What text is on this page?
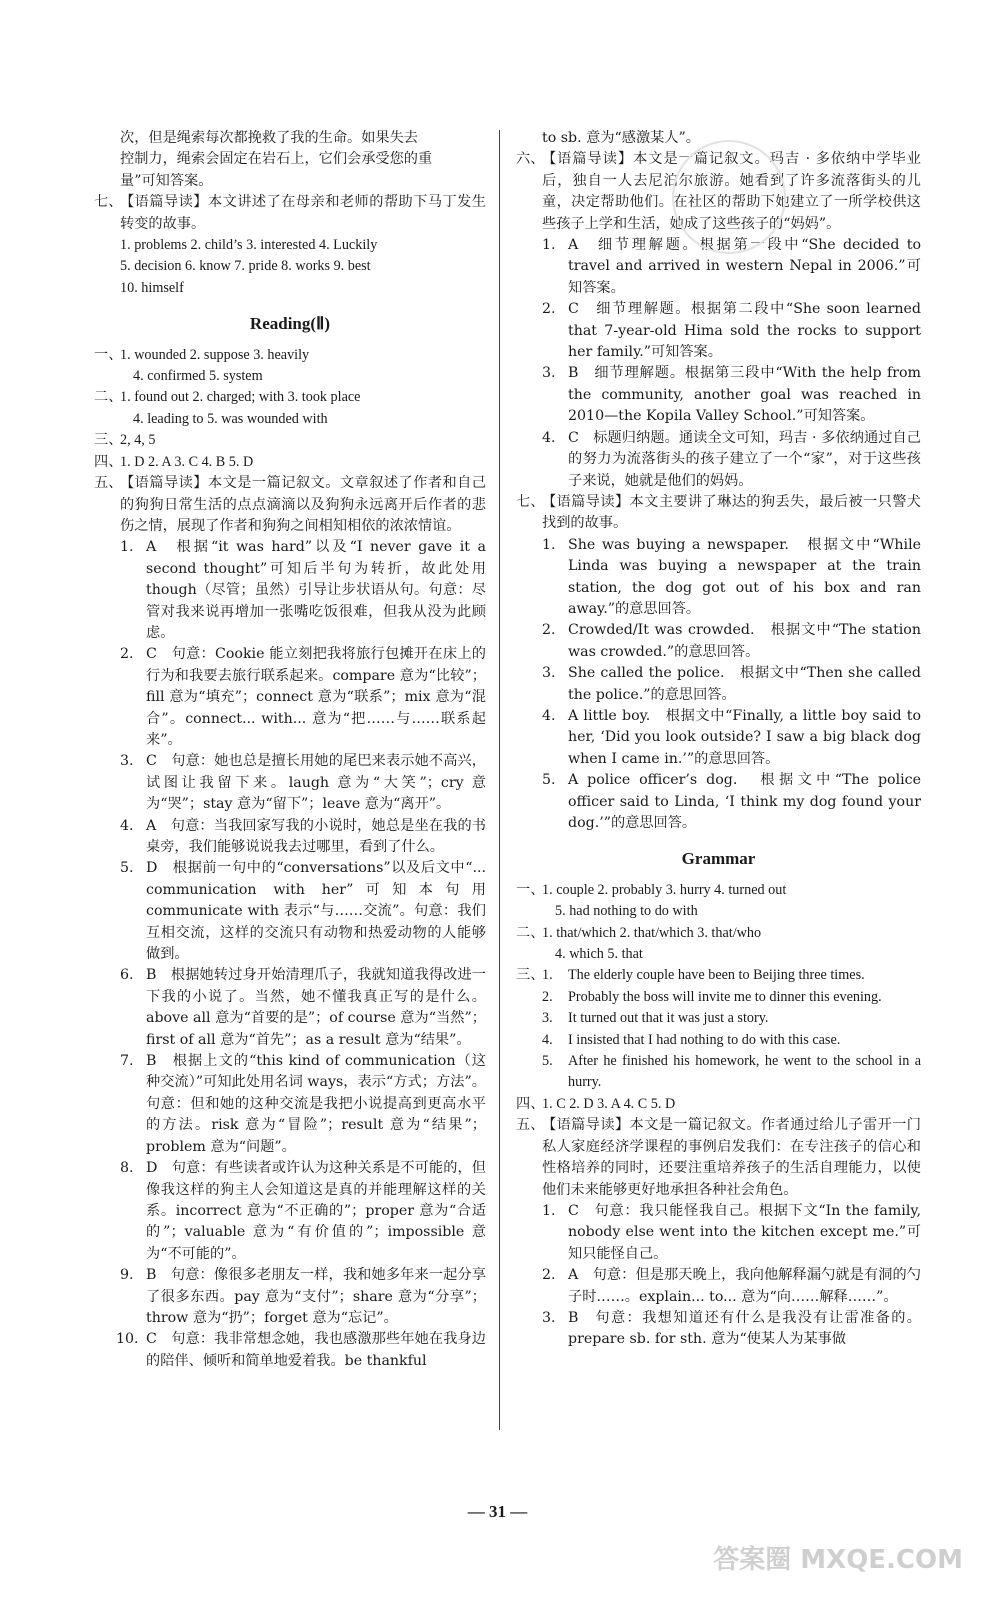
次，但是绳索每次都挽救了我的生命。如果失去
控制力，绳索会固定在岩石上，它们会承受您的重
量”可知答案。
七、
【语篇导读】本文讲述了在母亲和老师的帮助下马丁发生转变的故事。
1. problems 2. child’s 3. interested 4. Luckily
5. decision 6. know 7. pride 8. works 9. best
10. himself
Reading(Ⅱ)
一、
1. wounded 2. suppose 3. heavily
4. confirmed 5. system
二、
1. found out 2. charged; with 3. took place
4. leading to 5. was wounded with
三、
2, 4, 5
四、
1. D 2. A 3. C 4. B 5. D
五、
【语篇导读】本文是一篇记叙文。文章叙述了作者和自己的狗狗日常生活的点点滴滴以及狗狗永远离开后作者的悲伤之情，展现了作者和狗狗之间相知相依的浓浓情谊。
1. A　根据“it was hard”以及“I never gave it a second thought”可知后半句为转折，故此处用 though（尽管；虽然）引导让步状语从句。句意：尽管对我来说再增加一张嘴吃饭很难，但我从没为此顾虑。
2. C　句意：Cookie 能立刻把我将旅行包摊开在床上的行为和我要去旅行联系起来。compare 意为“比较”；fill 意为“填充”；connect 意为“联系”；mix 意为“混合”。connect... with... 意为“把……与……联系起来”。
3. C　句意：她也总是擅长用她的尾巴来表示她不高兴，试图让我留下来。laugh 意为“大笑”；cry 意为“哭”；stay 意为“留下”；leave 意为“离开”。
4. A　句意：当我回家写我的小说时，她总是坐在我的书桌旁，我们能够说说我去过哪里，看到了什么。
5. D　根据前一句中的“conversations”以及后文中“... communication with her”可知本句用 communicate with 表示“与……交流”。句意：我们互相交流，这样的交流只有动物和热爱动物的人能够做到。
6. B　根据她转过身开始清理爪子，我就知道我得改进一下我的小说了。当然，她不懂我真正写的是什么。above all 意为“首要的是”；of course 意为“当然”；first of all 意为“首先”；as a result 意为“结果”。
7. B　根据上文的“this kind of communication（这种交流）”可知此处用名词 ways，表示“方式；方法”。句意：但和她的这种交流是我把小说提高到更高水平的方法。risk 意为“冒险”；result 意为“结果”；problem 意为“问题”。
8. D　句意：有些读者或许认为这种关系是不可能的，但像我这样的狗主人会知道这是真的并能理解这样的关系。incorrect 意为“不正确的”；proper 意为“合适的”；valuable 意为“有价值的”；impossible 意为“不可能的”。
9. B　句意：像很多老朋友一样，我和她多年来一起分享了很多东西。pay 意为“支付”；share 意为“分享”；throw 意为“扔”；forget 意为“忘记”。
10. C　句意：我非常想念她，我也感激那些年她在我身边的陪伴、倾听和简单地爱着我。be thankful
to sb. 意为“感激某人”。
六、
【语篇导读】本文是一篇记叙文。玛吉 · 多依纳中学毕业后，独自一人去尼泊尔旅游。她看到了许多流落街头的儿童，决定帮助他们。在社区的帮助下她建立了一所学校供这些孩子上学和生活，她成了这些孩子的“妈妈”。
1. A　细节理解题。根据第一段中“She decided to travel and arrived in western Nepal in 2006.”可知答案。
2. C　细节理解题。根据第二段中“She soon learned that 7-year-old Hima sold the rocks to support her family.”可知答案。
3. B　细节理解题。根据第三段中“With the help from the community, another goal was reached in 2010—the Kopila Valley School.”可知答案。
4. C　标题归纳题。通读全文可知，玛吉 · 多依纳通过自己的努力为流落街头的孩子建立了一个“家”，对于这些孩子来说，她就是他们的妈妈。
七、
【语篇导读】本文主要讲了琳达的狗丢失，最后被一只警犬找到的故事。
1. She was buying a newspaper.　根据文中“While Linda was buying a newspaper at the train station, the dog got out of his box and ran away.”的意思回答。
2. Crowded/It was crowded.　根据文中“The station was crowded.”的意思回答。
3. She called the police.　根据文中“Then she called the police.”的意思回答。
4. A little boy.　根据文中“Finally, a little boy said to her, ‘Did you look outside? I saw a big black dog when I came in.’”的意思回答。
5. A police officer’s dog.　根据文中“The police officer said to Linda, ‘I think my dog found your dog.’”的意思回答。
Grammar
一、
1. couple 2. probably 3. hurry 4. turned out
5. had nothing to do with
二、
1. that/which 2. that/which 3. that/who
4. which 5. that
三、
1.	The elderly couple have been to Beijing three times.
2.	Probably the boss will invite me to dinner this evening.
3.	It turned out that it was just a story.
4.	I insisted that I had nothing to do with this case.
5.	After he finished his homework, he went to the school in a hurry.
四、
1. C 2. D 3. A 4. C 5. D
五、
【语篇导读】本文是一篇记叙文。作者通过给儿子雷开一门私人家庭经济学课程的事例启发我们：在专注孩子的信心和性格培养的同时，还要注重培养孩子的生活自理能力，以使他们未来能够更好地承担各种社会角色。
1. C　句意：我只能怪我自己。根据下文“In the family, nobody else went into the kitchen except me.”可知只能怪自己。
2. A　句意：但是那天晚上，我向他解释漏勺就是有洞的勺子时……。explain... to... 意为“向……解释……”。
3. B　句意：我想知道还有什么是我没有让雷准备的。prepare sb. for sth. 意为“使某人为某事做
— 31 —
答案圈 MXQE.COM
